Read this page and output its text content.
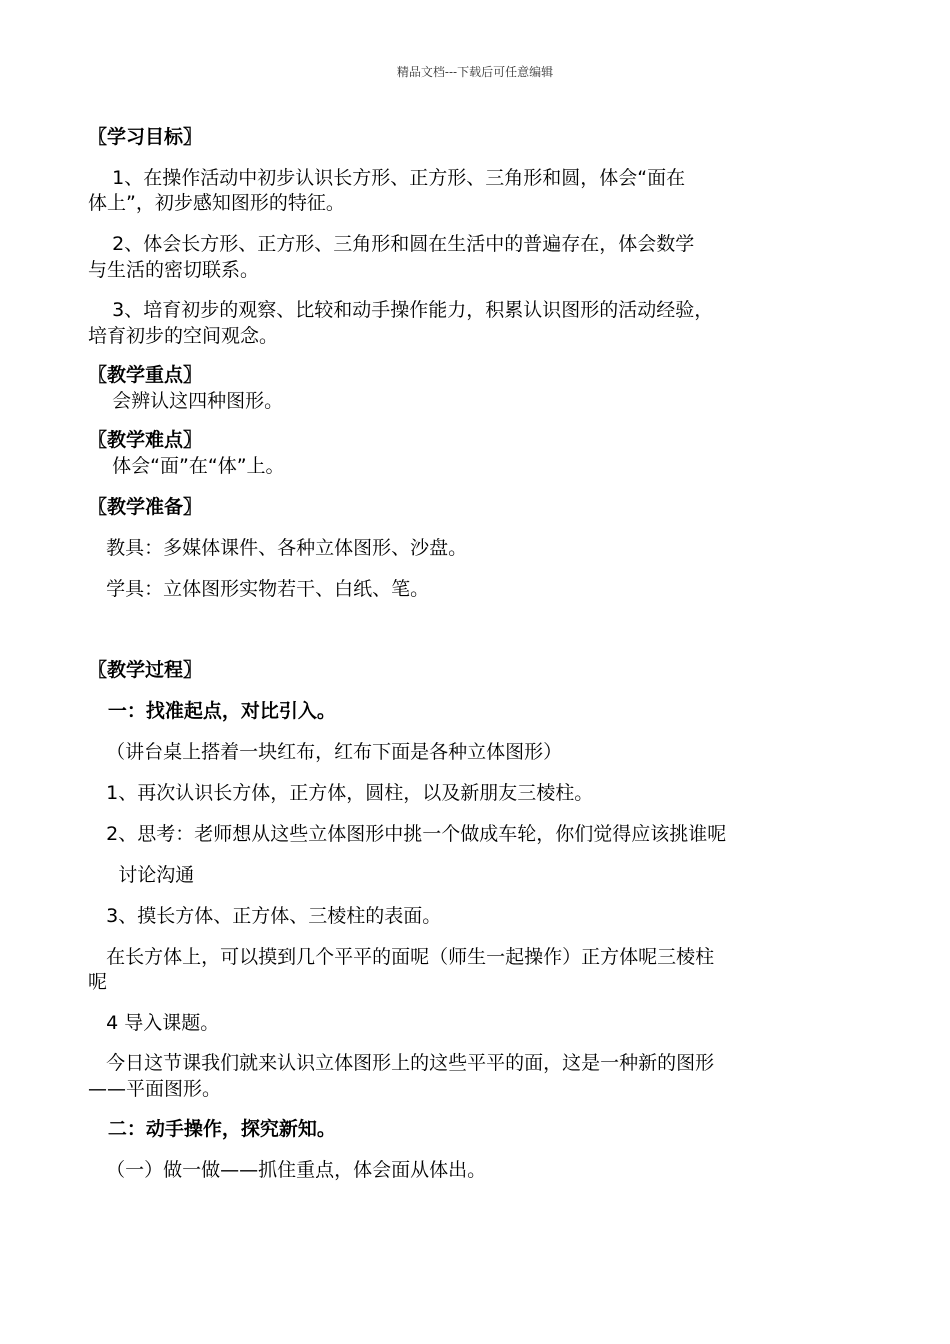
精品文档---下载后可任意编辑
〖学习目标〗
1、在操作活动中初步认识长方形、正方形、三角形和圆，体会“面在
体上”，初步感知图形的特征。
2、体会长方形、正方形、三角形和圆在生活中的普遍存在，体会数学
与生活的密切联系。
3、培育初步的观察、比较和动手操作能力，积累认识图形的活动经验，
培育初步的空间观念。
〖教学重点〗
会辨认这四种图形。
〖教学难点〗
体会“面”在“体”上。
〖教学准备〗
教具：多媒体课件、各种立体图形、沙盘。
学具：立体图形实物若干、白纸、笔。
〖教学过程〗
一：找准起点，对比引入。
（讲台桌上搭着一块红布，红布下面是各种立体图形）
1、再次认识长方体，正方体，圆柱，以及新朋友三棱柱。
2、思考：老师想从这些立体图形中挑一个做成车轮，你们觉得应该挑谁呢
讨论沟通
3、摸长方体、正方体、三棱柱的表面。
在长方体上，可以摸到几个平平的面呢（师生一起操作）正方体呢三棱柱
呢
4 导入课题。
今日这节课我们就来认识立体图形上的这些平平的面，这是一种新的图形
——平面图形。
二：动手操作，探究新知。
（一）做一做——抓住重点，体会面从体出。
